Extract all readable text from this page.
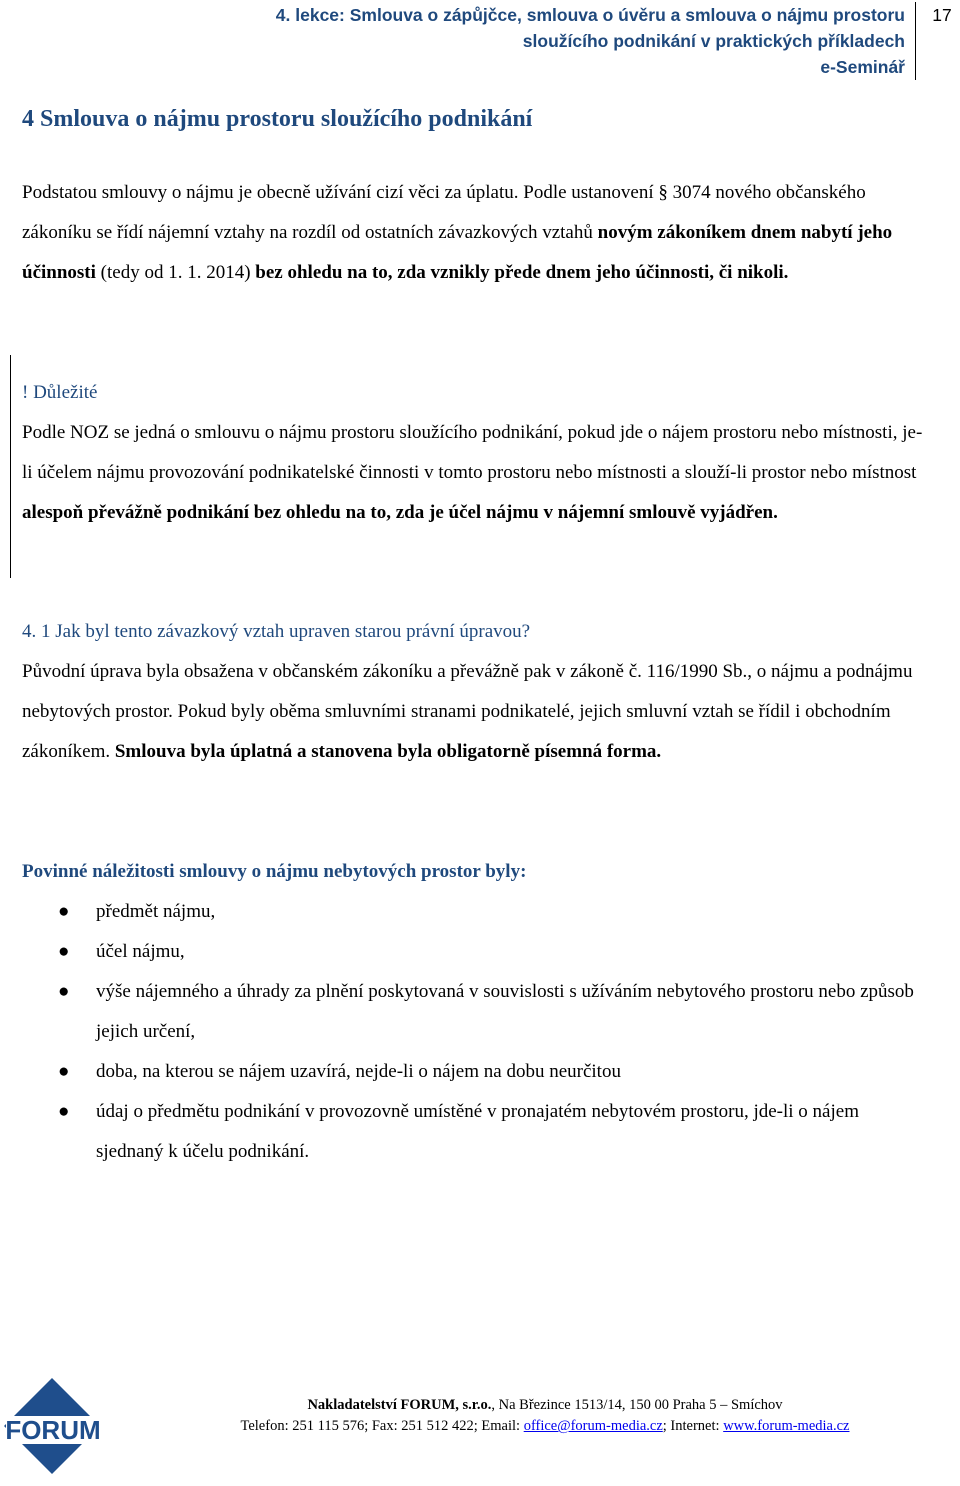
4. lekce: Smlouva o zápůjčce, smlouva o úvěru a smlouva o nájmu prostoru
sloužícího podnikání v praktických příkladech
e-Seminář
17
4 Smlouva o nájmu prostoru sloužícího podnikání

Podstatou smlouvy o nájmu je obecně užívání cizí věci za úplatu. Podle ustanovení § 3074 nového občanského zákoníku se řídí nájemní vztahy na rozdíl od ostatních závazkových vztahů novým zákoníkem dnem nabytí jeho účinnosti (tedy od 1. 1. 2014) bez ohledu na to, zda vznikly přede dnem jeho účinnosti, či nikoli.

! Důležité

Podle NOZ se jedná o smlouvu o nájmu prostoru sloužícího podnikání, pokud jde o nájem prostoru nebo místnosti, je-li účelem nájmu provozování podnikatelské činnosti v tomto prostoru nebo místnosti a slouží-li prostor nebo místnost alespoň převážně podnikání bez ohledu na to, zda je účel nájmu v nájemní smlouvě vyjádřen.

4. 1 Jak byl tento závazkový vztah upraven starou právní úpravou?

Původní úprava byla obsažena v občanském zákoníku a převážně pak v zákoně č. 116/1990 Sb., o nájmu a podnájmu nebytových prostor. Pokud byly oběma smluvními stranami podnikatelé, jejich smluvní vztah se řídil i obchodním zákoníkem. Smlouva byla úplatná a stanovena byla obligatorně písemná forma.

Povinné náležitosti smlouvy o nájmu nebytových prostor byly:

● předmět nájmu,
● účel nájmu,
● výše nájemného a úhrady za plnění poskytovaná v souvislosti s užíváním nebytového prostoru nebo způsob jejich určení,
● doba, na kterou se nájem uzavírá, nejde-li o nájem na dobu neurčitou
● údaj o předmětu podnikání v provozovně umístěné v pronajatém nebytovém prostoru, jde-li o nájem sjednaný k účelu podnikání.
FORUM
Nakladatelství FORUM, s.r.o., Na Březince 1513/14, 150 00 Praha 5 – Smíchov
Telefon: 251 115 576; Fax: 251 512 422; Email: office@forum-media.cz; Internet: www.forum-media.cz
